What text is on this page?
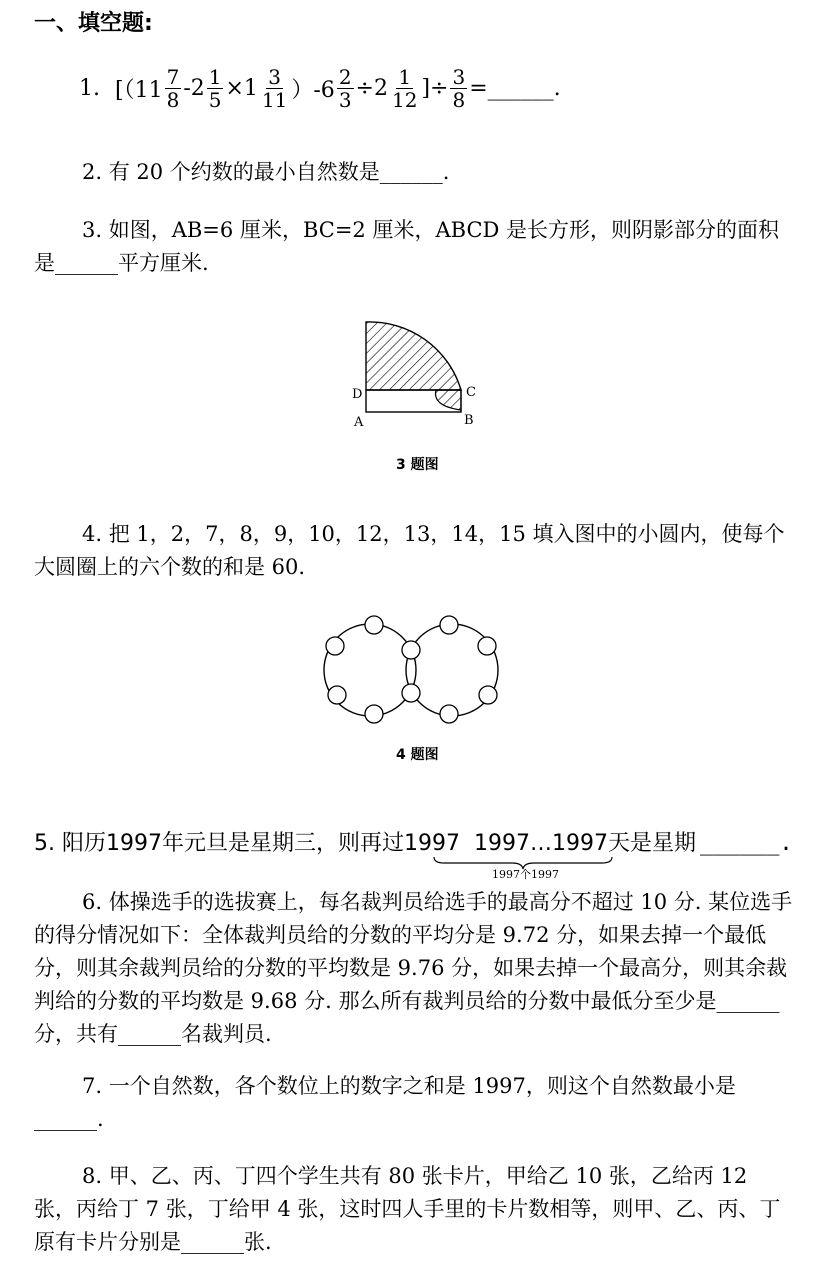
一、填空题:
1. [$(11 \frac{7}{8} -2 \frac{1}{5} \times 1 \frac{3}{11} )-6 \frac{2}{3} \div 2 \frac{1}{12}$ ]÷ $\frac{3}{8}$ =______.
2. 有 20 个约数的最小自然数是______.
3. 如图，AB=6 厘米，BC=2 厘米，ABCD 是长方形，则阴影部分的面积是______平方厘米.
D	C
A	B
3 题图
4. 把 1，2，7，8，9，10，12，13，14，15 填入图中的小圆内，使每个大圆圈上的六个数的和是 60.
4 题图
5. 阳历1997年元旦是星期三，则再过1997  1997…1997天是星期 ______.
1997个1997
6. 体操选手的选拔赛上，每名裁判员给选手的最高分不超过 10 分. 某位选手的得分情况如下：全体裁判员给的分数的平均分是 9.72 分，如果去掉一个最低分，则其余裁判员给的分数的平均数是 9.76 分，如果去掉一个最高分，则其余裁判给的分数的平均数是 9.68 分. 那么所有裁判员给的分数中最低分至少是______分，共有______名裁判员.
7. 一个自然数，各个数位上的数字之和是 1997，则这个自然数最小是______.
8. 甲、乙、丙、丁四个学生共有 80 张卡片，甲给乙 10 张，乙给丙 12 张，丙给丁 7 张，丁给甲 4 张，这时四人手里的卡片数相等，则甲、乙、丙、丁原有卡片分别是______张.
